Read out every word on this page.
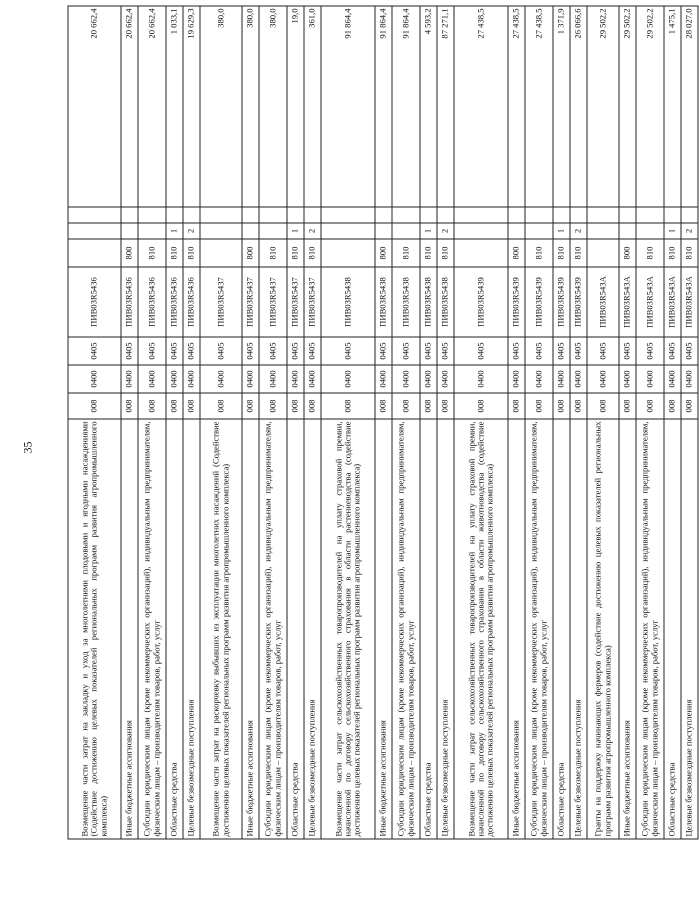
35	Возмещение части затрат на закладку и уход за многолетними плодовыми и ягодными насаждениями (Содействие достижению целевых показателей региональных программ развития агропромышленного комплекса)	008	0400	0405	ПИВ03R5436				20 662,4
Иные бюджетные ассигнования	008	0400	0405	ПИВ03R5436	800			20 662,4
Субсидии юридическим лицам (кроме некоммерческих организаций), индивидуальным предпринимателям, физическим лицам – производителям товаров, работ, услуг	008	0400	0405	ПИВ03R5436	810			20 662,4
Областные средства	008	0400	0405	ПИВ03R5436	810	1		1 033,1
Целевые безвозмездные поступления	008	0400	0405	ПИВ03R5436	810	2		19 629,3
Возмещение части затрат на раскорчевку выбывших из эксплуатации многолетних насаждений (Содействие достижению целевых показателей региональных программ развития агропромышленного комплекса)	008	0400	0405	ПИВ03R5437				380,0
Иные бюджетные ассигнования	008	0400	0405	ПИВ03R5437	800			380,0
Субсидии юридическим лицам (кроме некоммерческих организаций), индивидуальным предпринимателям, физическим лицам – производителям товаров, работ, услуг	008	0400	0405	ПИВ03R5437	810			380,0
Областные средства	008	0400	0405	ПИВ03R5437	810	1		19,0
Целевые безвозмездные поступления	008	0400	0405	ПИВ03R5437	810	2		361,0
Возмещение части затрат сельскохозяйственных товаропроизводителей на уплату страховой премии, начисленной по договору сельскохозяйственного страхования в области растениеводства (содействие достижению целевых показателей региональных программ развития агропромышленного комплекса)	008	0400	0405	ПИВ03R5438				91 864,4
Иные бюджетные ассигнования	008	0400	0405	ПИВ03R5438	800			91 864,4
Субсидии юридическим лицам (кроме некоммерческих организаций), индивидуальным предпринимателям, физическим лицам – производителям товаров, работ, услуг	008	0400	0405	ПИВ03R5438	810			91 864,4
Областные средства	008	0400	0405	ПИВ03R5438	810	1		4 593,2
Целевые безвозмездные поступления	008	0400	0405	ПИВ03R5438	810	2		87 271,1
Возмещение части затрат сельскохозяйственных товаропроизводителей на уплату страховой премии, начисленной по договору сельскохозяйственного страхования в области животноводства (содействие достижению целевых показателей региональных программ развития агропромышленного комплекса)	008	0400	0405	ПИВ03R5439				27 438,5
Иные бюджетные ассигнования	008	0400	0405	ПИВ03R5439	800			27 438,5
Субсидии юридическим лицам (кроме некоммерческих организаций), индивидуальным предпринимателям, физическим лицам – производителям товаров, работ, услуг	008	0400	0405	ПИВ03R5439	810			27 438,5
Областные средства	008	0400	0405	ПИВ03R5439	810	1		1 371,9
Целевые безвозмездные поступления	008	0400	0405	ПИВ03R5439	810	2		26 066,6
Гранты на поддержку начинающих фермеров (содействие достижению целевых показателей региональных программ развития агропромышленного комплекса)	008	0400	0405	ПИВ03R543А				29 502,2
Иные бюджетные ассигнования	008	0400	0405	ПИВ03R543А	800			29 502,2
Субсидии юридическим лицам (кроме некоммерческих организаций), индивидуальным предпринимателям, физическим лицам – производителям товаров, работ, услуг	008	0400	0405	ПИВ03R543А	810			29 502,2
Областные средства	008	0400	0405	ПИВ03R543А	810	1		1 475,1
Целевые безвозмездные поступления	008	0400	0405	ПИВ03R543А	810	2		28 027,0
